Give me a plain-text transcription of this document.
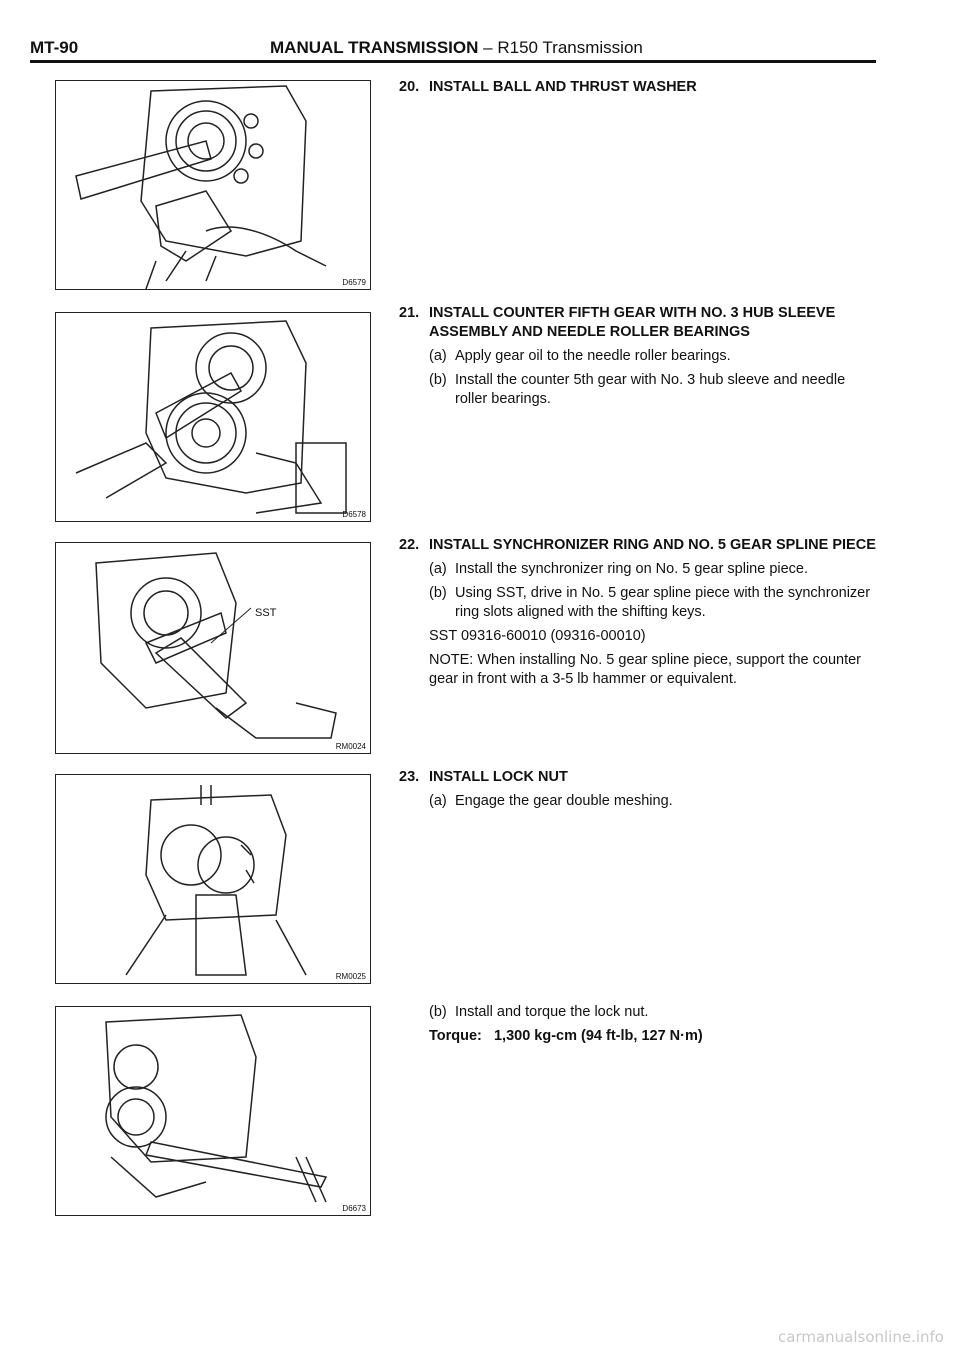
MT-90	MANUAL TRANSMISSION – R150 Transmission
D6579
D6578
SST
RM0024
RM0025
D6673
20. INSTALL BALL AND THRUST WASHER
21. INSTALL COUNTER FIFTH GEAR WITH NO. 3 HUB SLEEVE ASSEMBLY AND NEEDLE ROLLER BEARINGS
(a) Apply gear oil to the needle roller bearings.
(b) Install the counter 5th gear with No. 3 hub sleeve and needle roller bearings.
22. INSTALL SYNCHRONIZER RING AND NO. 5 GEAR SPLINE PIECE
(a) Install the synchronizer ring on No. 5 gear spline piece.
(b) Using SST, drive in No. 5 gear spline piece with the synchronizer ring slots aligned with the shifting keys.
SST 09316-60010 (09316-00010)
NOTE: When installing No. 5 gear spline piece, support the counter gear in front with a 3-5 lb hammer or equivalent.
23. INSTALL LOCK NUT
(a) Engage the gear double meshing.
(b) Install and torque the lock nut.
Torque: 1,300 kg-cm (94 ft-lb, 127 N·m)
carmanualsonline.info
